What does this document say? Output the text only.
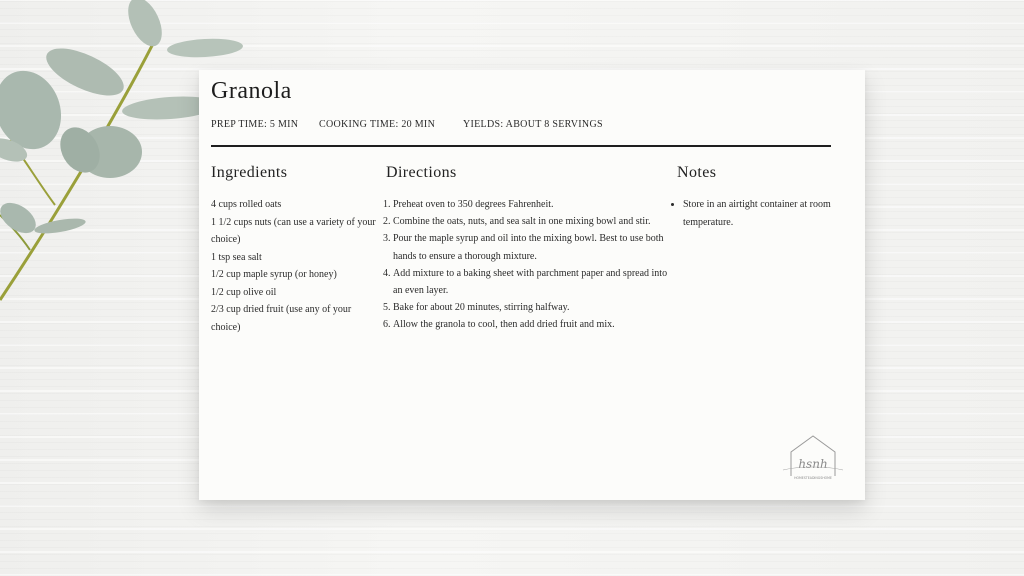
Granola
PREP TIME: 5 MIN COOKING TIME: 20 MIN	YIELDS: ABOUT 8 SERVINGS
Ingredients	Directions	Notes
4 cups rolled oats
1 1/2 cups nuts (can use a variety of your choice)
1 tsp sea salt
1/2 cup maple syrup (or honey)
1/2 cup olive oil
2/3 cup dried fruit (use any of your choice)
1. Preheat oven to 350 degrees Fahrenheit.
2. Combine the oats, nuts, and sea salt in one mixing bowl and stir.
3. Pour the maple syrup and oil into the mixing bowl. Best to use both hands to ensure a thorough mixture.
4. Add mixture to a baking sheet with parchment paper and spread into an even layer.
5. Bake for about 20 minutes, stirring halfway.
6. Allow the granola to cool, then add dried fruit and mix.
• Store in an airtight container at room temperature.
hsnh
HOMESTEADINGSHOME
